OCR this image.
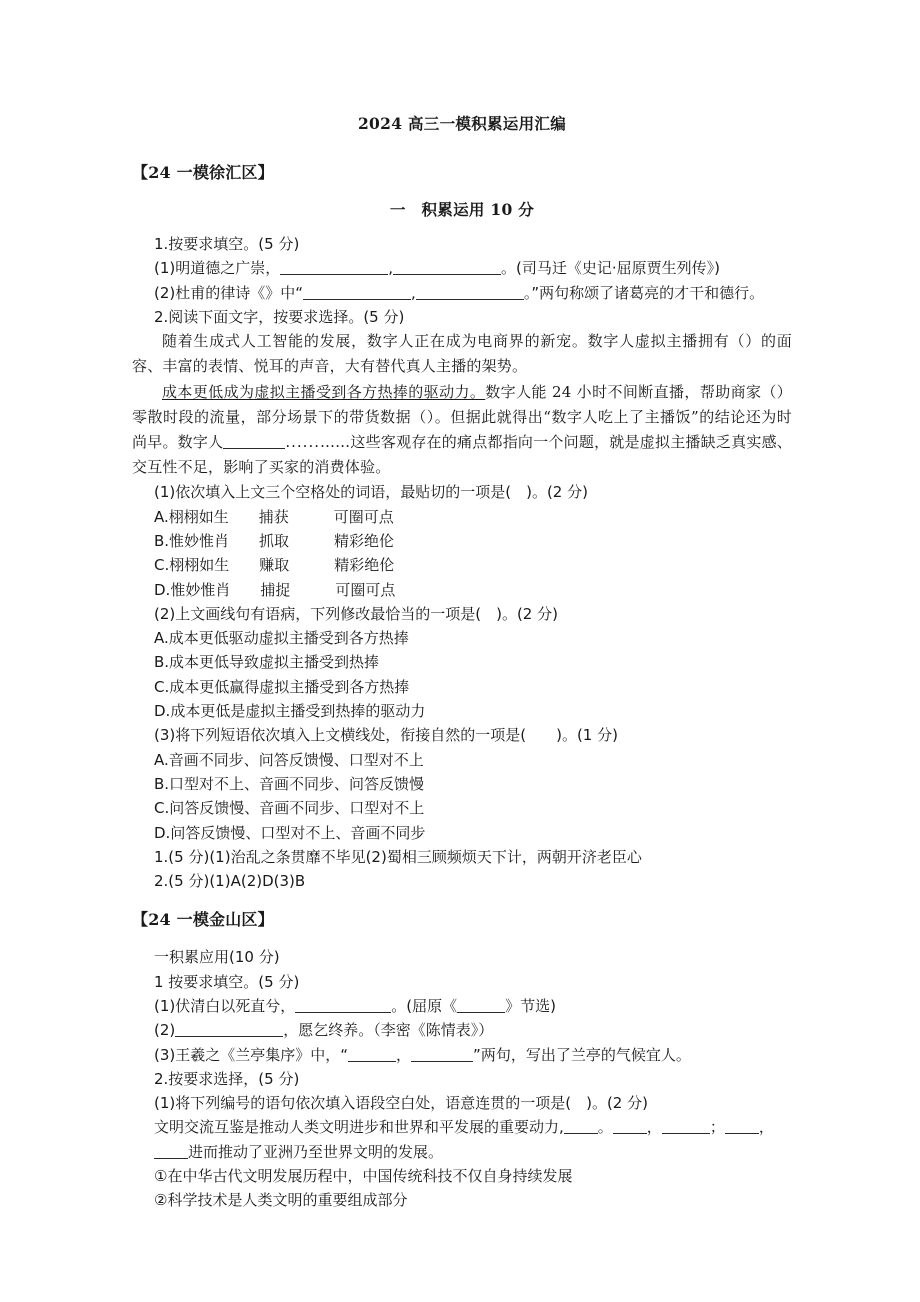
2024 高三一模积累运用汇编
【24 一模徐汇区】
一　积累运用 10 分
1.按要求填空。(5 分)
(1)明道德之广崇，	,	。(司马迁《史记·屈原贾生列传》)
(2)杜甫的律诗《》中“	,	。”两句称颂了诸葛亮的才干和德行。
2.阅读下面文字，按要求选择。(5 分)
随着生成式人工智能的发展，数字人正在成为电商界的新宠。数字人虚拟主播拥有（）的面容、丰富的表情、悦耳的声音，大有替代真人主播的架势。
成本更低成为虚拟主播受到各方热捧的驱动力。数字人能 24 小时不间断直播，帮助商家（）零散时段的流量，部分场景下的带货数据（）。但据此就得出“数字人吃上了主播饭”的结论还为时尚早。数字人	......……这些客观存在的痛点都指向一个问题，就是虚拟主播缺乏真实感、交互性不足，影响了买家的消费体验。
(1)依次填入上文三个空格处的词语，最贴切的一项是(　)。(2 分)
A.栩栩如生　　捕获　　　可圈可点
B.惟妙惟肖　　抓取　　　精彩绝伦
C.栩栩如生　　赚取　　　精彩绝伦
D.惟妙惟肖　　捕捉　　　可圈可点
(2)上文画线句有语病，下列修改最恰当的一项是(　)。(2 分)
A.成本更低驱动虚拟主播受到各方热捧
B.成本更低导致虚拟主播受到热捧
C.成本更低赢得虚拟主播受到各方热捧
D.成本更低是虚拟主播受到热捧的驱动力
(3)将下列短语依次填入上文横线处，衔接自然的一项是(　　)。(1 分)
A.音画不同步、问答反馈慢、口型对不上
B.口型对不上、音画不同步、问答反馈慢
C.问答反馈慢、音画不同步、口型对不上
D.问答反馈慢、口型对不上、音画不同步
1.(5 分)(1)治乱之条贯靡不毕见(2)蜀相三顾频烦天下计，两朝开济老臣心
2.(5 分)(1)A(2)D(3)B
【24 一模金山区】
一积累应用(10 分)
1 按要求填空。(5 分)
(1)伏清白以死直兮，	。(屈原《	》节选)
(2)	，愿乞终养。（李密《陈情表》）
(3)王羲之《兰亭集序》中，“	，	”两句，写出了兰亭的气候宜人。
2.按要求选择，(5 分)
(1)将下列编号的语句依次填入语段空白处，语意连贯的一项是(　)。(2 分)
文明交流互鉴是推动人类文明进步和世界和平发展的重要动力, 。 ，	； ，进而推动了亚洲乃至世界文明的发展。
①在中华古代文明发展历程中，中国传统科技不仅自身持续发展
②科学技术是人类文明的重要组成部分
